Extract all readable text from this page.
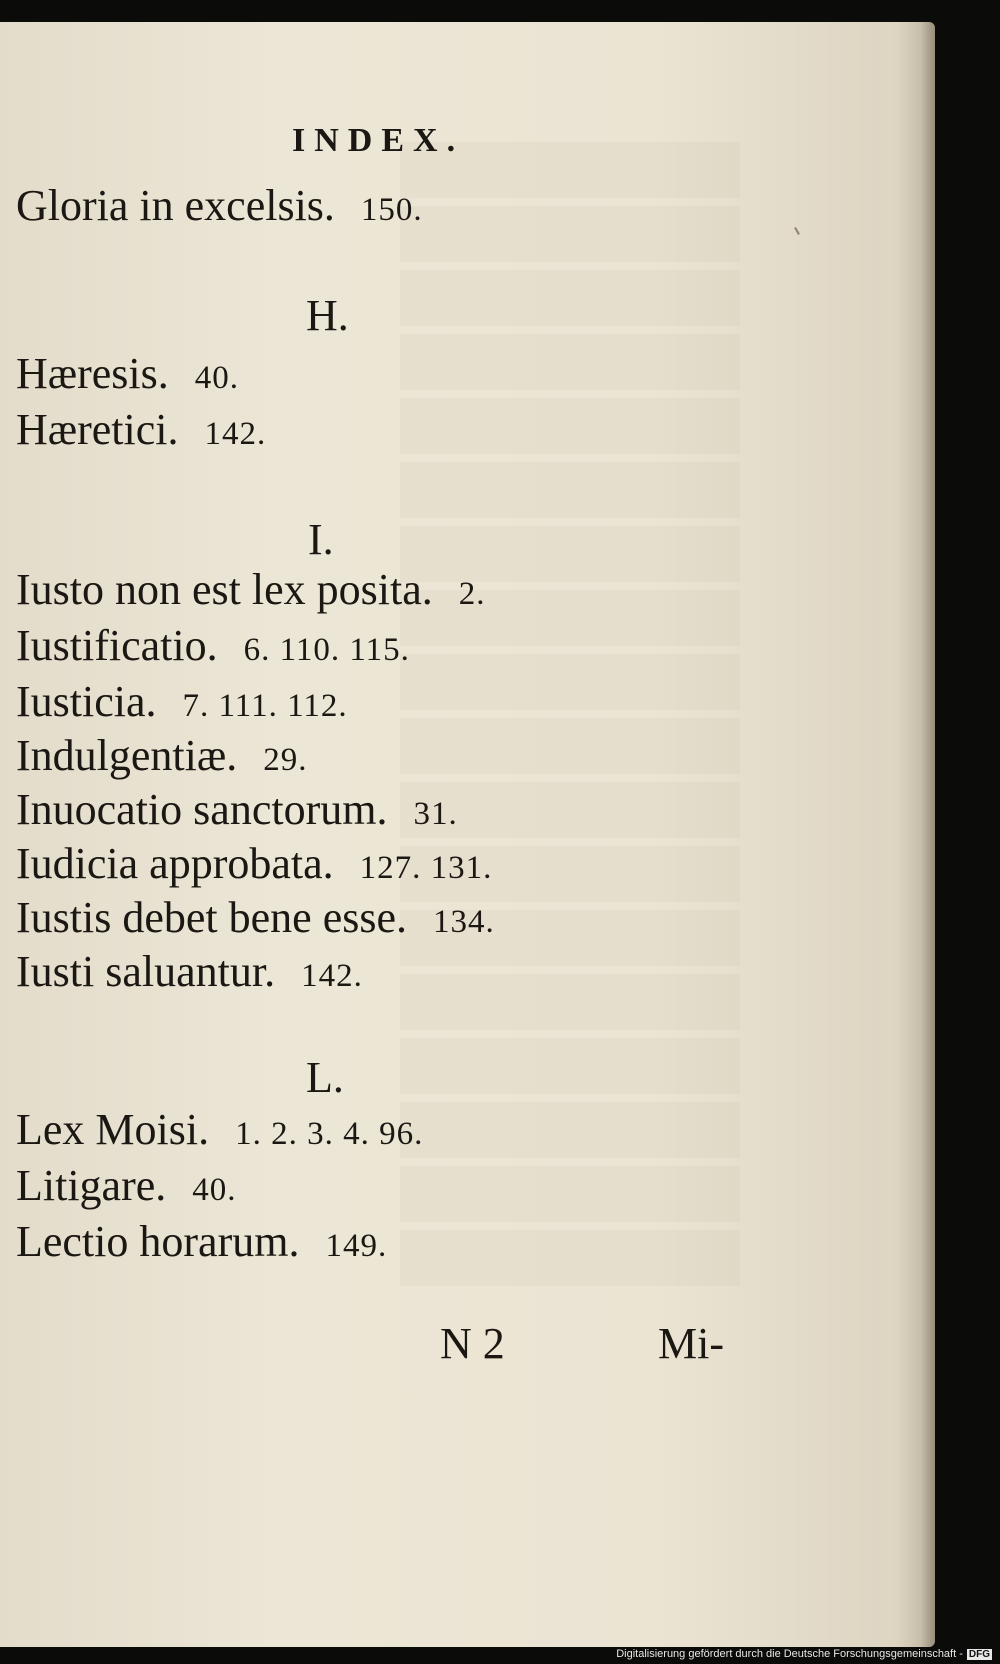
INDEX.
Gloria in excelsis. 150.
H.
Hæresis. 40.
Hæretici. 142.
I.
Iusto non est lex posita. 2.
Iustificatio. 6. 110. 115.
Iusticia. 7. 111. 112.
Indulgentiæ. 29.
Inuocatio sanctorum. 31.
Iudicia approbata. 127. 131.
Iustis debet bene esse. 134.
Iusti saluantur. 142.
L.
Lex Moisi. 1. 2. 3. 4. 96.
Litigare. 40.
Lectio horarum. 149.
N 2	Mi-
Digitalisierung gefördert durch die Deutsche Forschungsgemeinschaft - DFG
